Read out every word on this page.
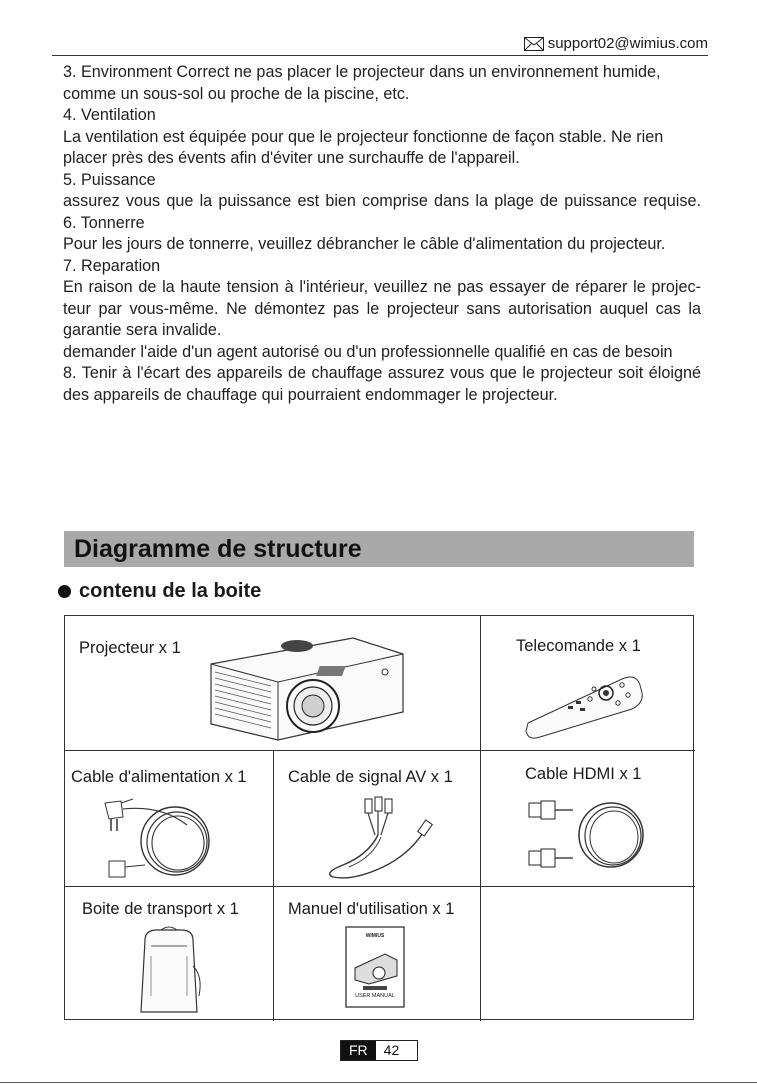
support02@wimius.com

3. Environment Correct ne pas placer le projecteur dans un environnement humide, comme un sous-sol ou proche de la piscine, etc.

4. Ventilation

La ventilation est équipée pour que le projecteur fonctionne de façon stable. Ne rien placer près des évents afin d'éviter une surchauffe de l'appareil.

5. Puissance

assurez vous que la puissance est bien comprise dans la plage de puissance requise.

6. Tonnerre

Pour les jours de tonnerre, veuillez débrancher le câble d'alimentation du projecteur.

7. Reparation

En raison de la haute tension à l'intérieur, veuillez ne pas essayer de réparer le projec-teur par vous-même. Ne démontez pas le projecteur sans autorisation auquel cas la garantie sera invalide.

demander l'aide d'un agent autorisé ou d'un professionnelle qualifié en cas de besoin

8. Tenir à l'écart des appareils de chauffage assurez vous que le projecteur soit éloigné des appareils de chauffage qui pourraient endommager le projecteur.

Diagramme de structure
contenu de la boite
Projecteur x 1	Telecomande x 1
Cable d'alimentation x 1	Cable de signal AV x 1	Cable HDMI x 1
Boite de transport x 1	Manuel d'utilisation x 1
WIMIUS
USER MANUAL
FR	42
